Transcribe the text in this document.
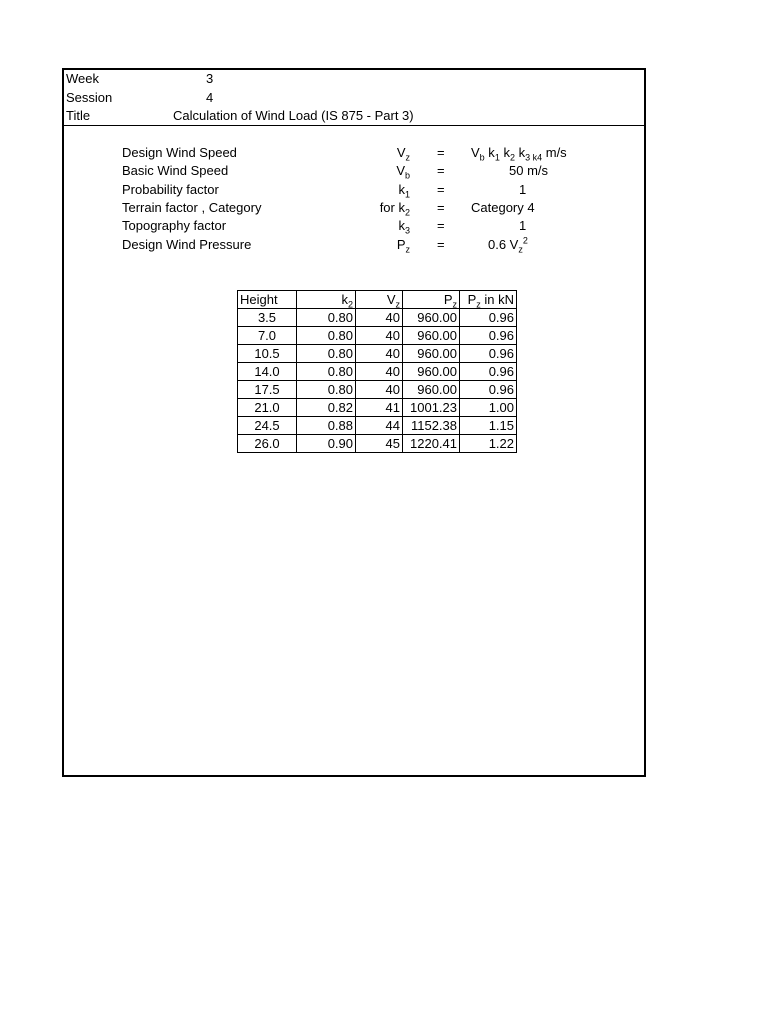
Week	3
Session	4
Title	Calculation of Wind Load (IS 875 - Part 3)
Design Wind Speed	$V_z = V_b$ $k_1$ $k_2$ $k_{3 k4}$ m/s
Basic Wind Speed	$V_b$ =	50 m/s
Probability factor	$k_1$ =	1
Terrain factor , Category	for $k_2$ = Category 4
Topography factor	$k_3$ =	1
Design Wind Pressure	$P_z$ =	0.6 $V_z^2$
Height	$k_2$	$V_z$	$P_z$	$P_z$ in kN
3.5	0.80	40	960.00	0.96
7.0	0.80	40	960.00	0.96
10.5	0.80	40	960.00	0.96
14.0	0.80	40	960.00	0.96
17.5	0.80	40	960.00	0.96
21.0	0.82	41	1001.23	1.00
24.5	0.88	44	1152.38	1.15
26.0	0.90	45	1220.41	1.22
